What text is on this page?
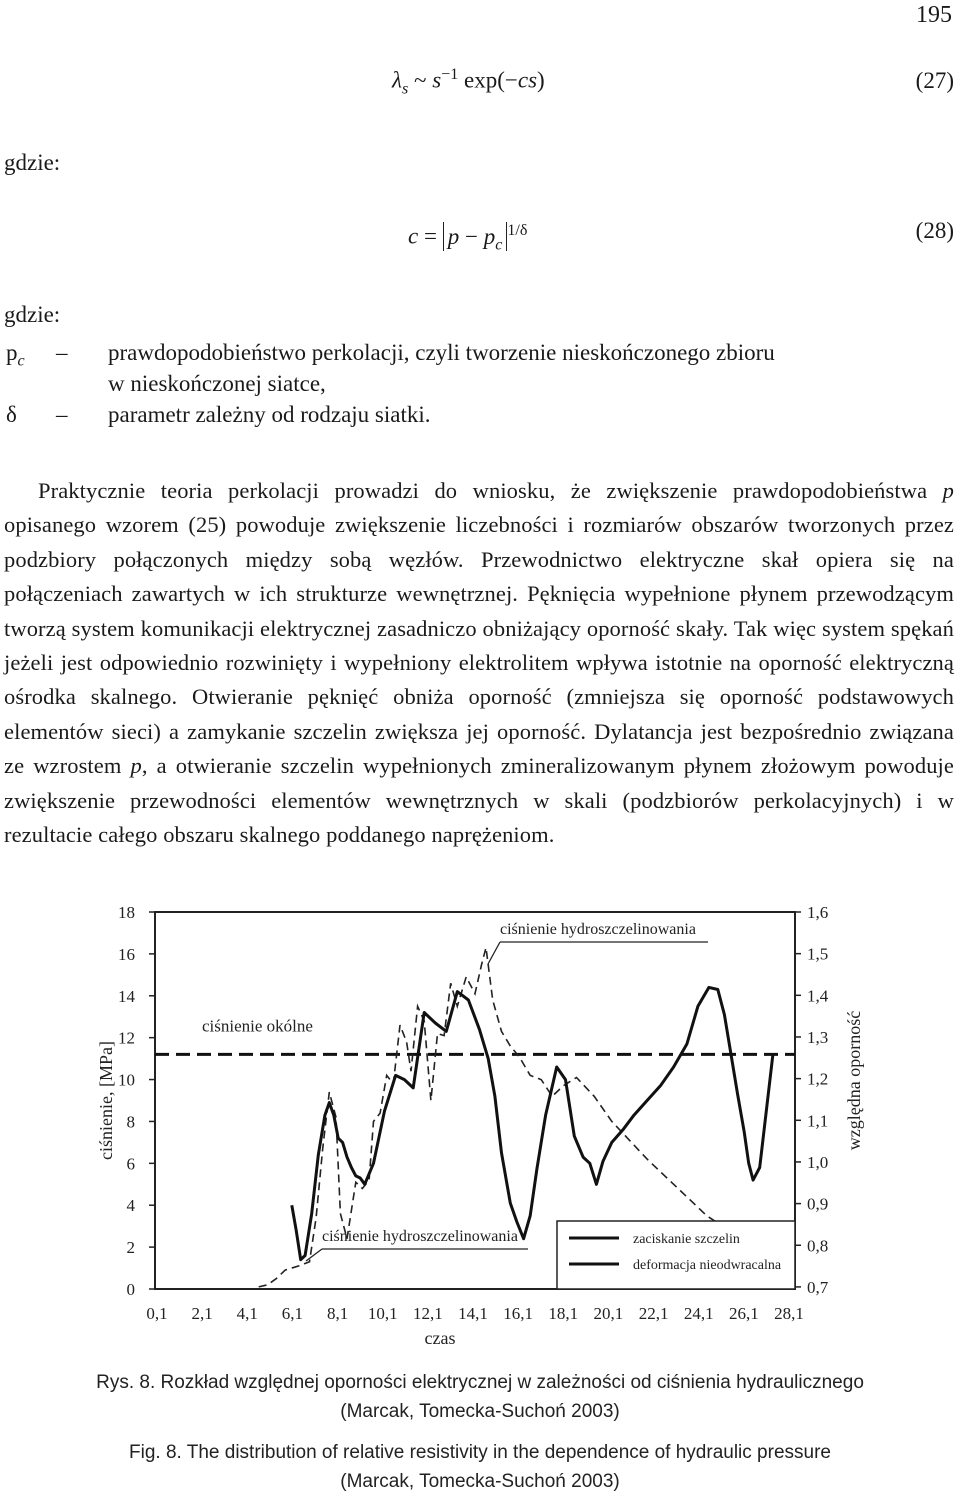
195
$\lambda_s$ ~ $s^{-1}$ exp(−cs)	(27)
gdzie:
$c = p - p_c^{1/\delta}$	(28)
gdzie:
$p_c$	–	prawdopodobieństwo perkolacji, czyli tworzenie nieskończonego zbioru
w nieskończonej siatce,
δ	–	parametr zależny od rodzaju siatki.
Praktycznie teoria perkolacji prowadzi do wniosku, że zwiększenie prawdopodobieństwa p opisanego wzorem (25) powoduje zwiększenie liczebności i rozmiarów obszarów tworzonych przez podzbiory połączonych między sobą węzłów. Przewodnictwo elektryczne skał opiera się na połączeniach zawartych w ich strukturze wewnętrznej. Pęknięcia wypełnione płynem przewodzącym tworzą system komunikacji elektrycznej zasadniczo obniżający oporność skały. Tak więc system spękań jeżeli jest odpowiednio rozwinięty i wypełniony elektrolitem wpływa istotnie na oporność elektryczną ośrodka skalnego. Otwieranie pęknięć obniża oporność (zmniejsza się oporność podstawowych elementów sieci) a zamykanie szczelin zwiększa jej oporność. Dylatancja jest bezpośrednio związana ze wzrostem p, a otwieranie szczelin wypełnionych zmineralizowanym płynem złożowym powoduje zwiększenie przewodności elementów wewnętrznych w skali (podzbiorów perkolacyjnych) i w rezultacie całego obszaru skalnego poddanego naprężeniom.
0
2
4
6
8
10
12
14
16
18
0,7
0,8
0,9
1,0
1,1
1,2
1,3
1,4
1,5
1,6
0,1 2,1 4,1 6,1 8,1 10,1 12,1 14,1 16,1 18,1 20,1 22,1 24,1 26,1 28,1
czas
ciśnienie, [MPa]	względna oporność
ciśnienie okólne
ciśnienie hydroszczelinowania
ciśnienie hydroszczelinowania	zaciskanie szczelin
deformacja nieodwracalna
Rys. 8. Rozkład względnej oporności elektrycznej w zależności od ciśnienia hydraulicznego
(Marcak, Tomecka-Suchoń 2003)
Fig. 8. The distribution of relative resistivity in the dependence of hydraulic pressure
(Marcak, Tomecka-Suchoń 2003)
